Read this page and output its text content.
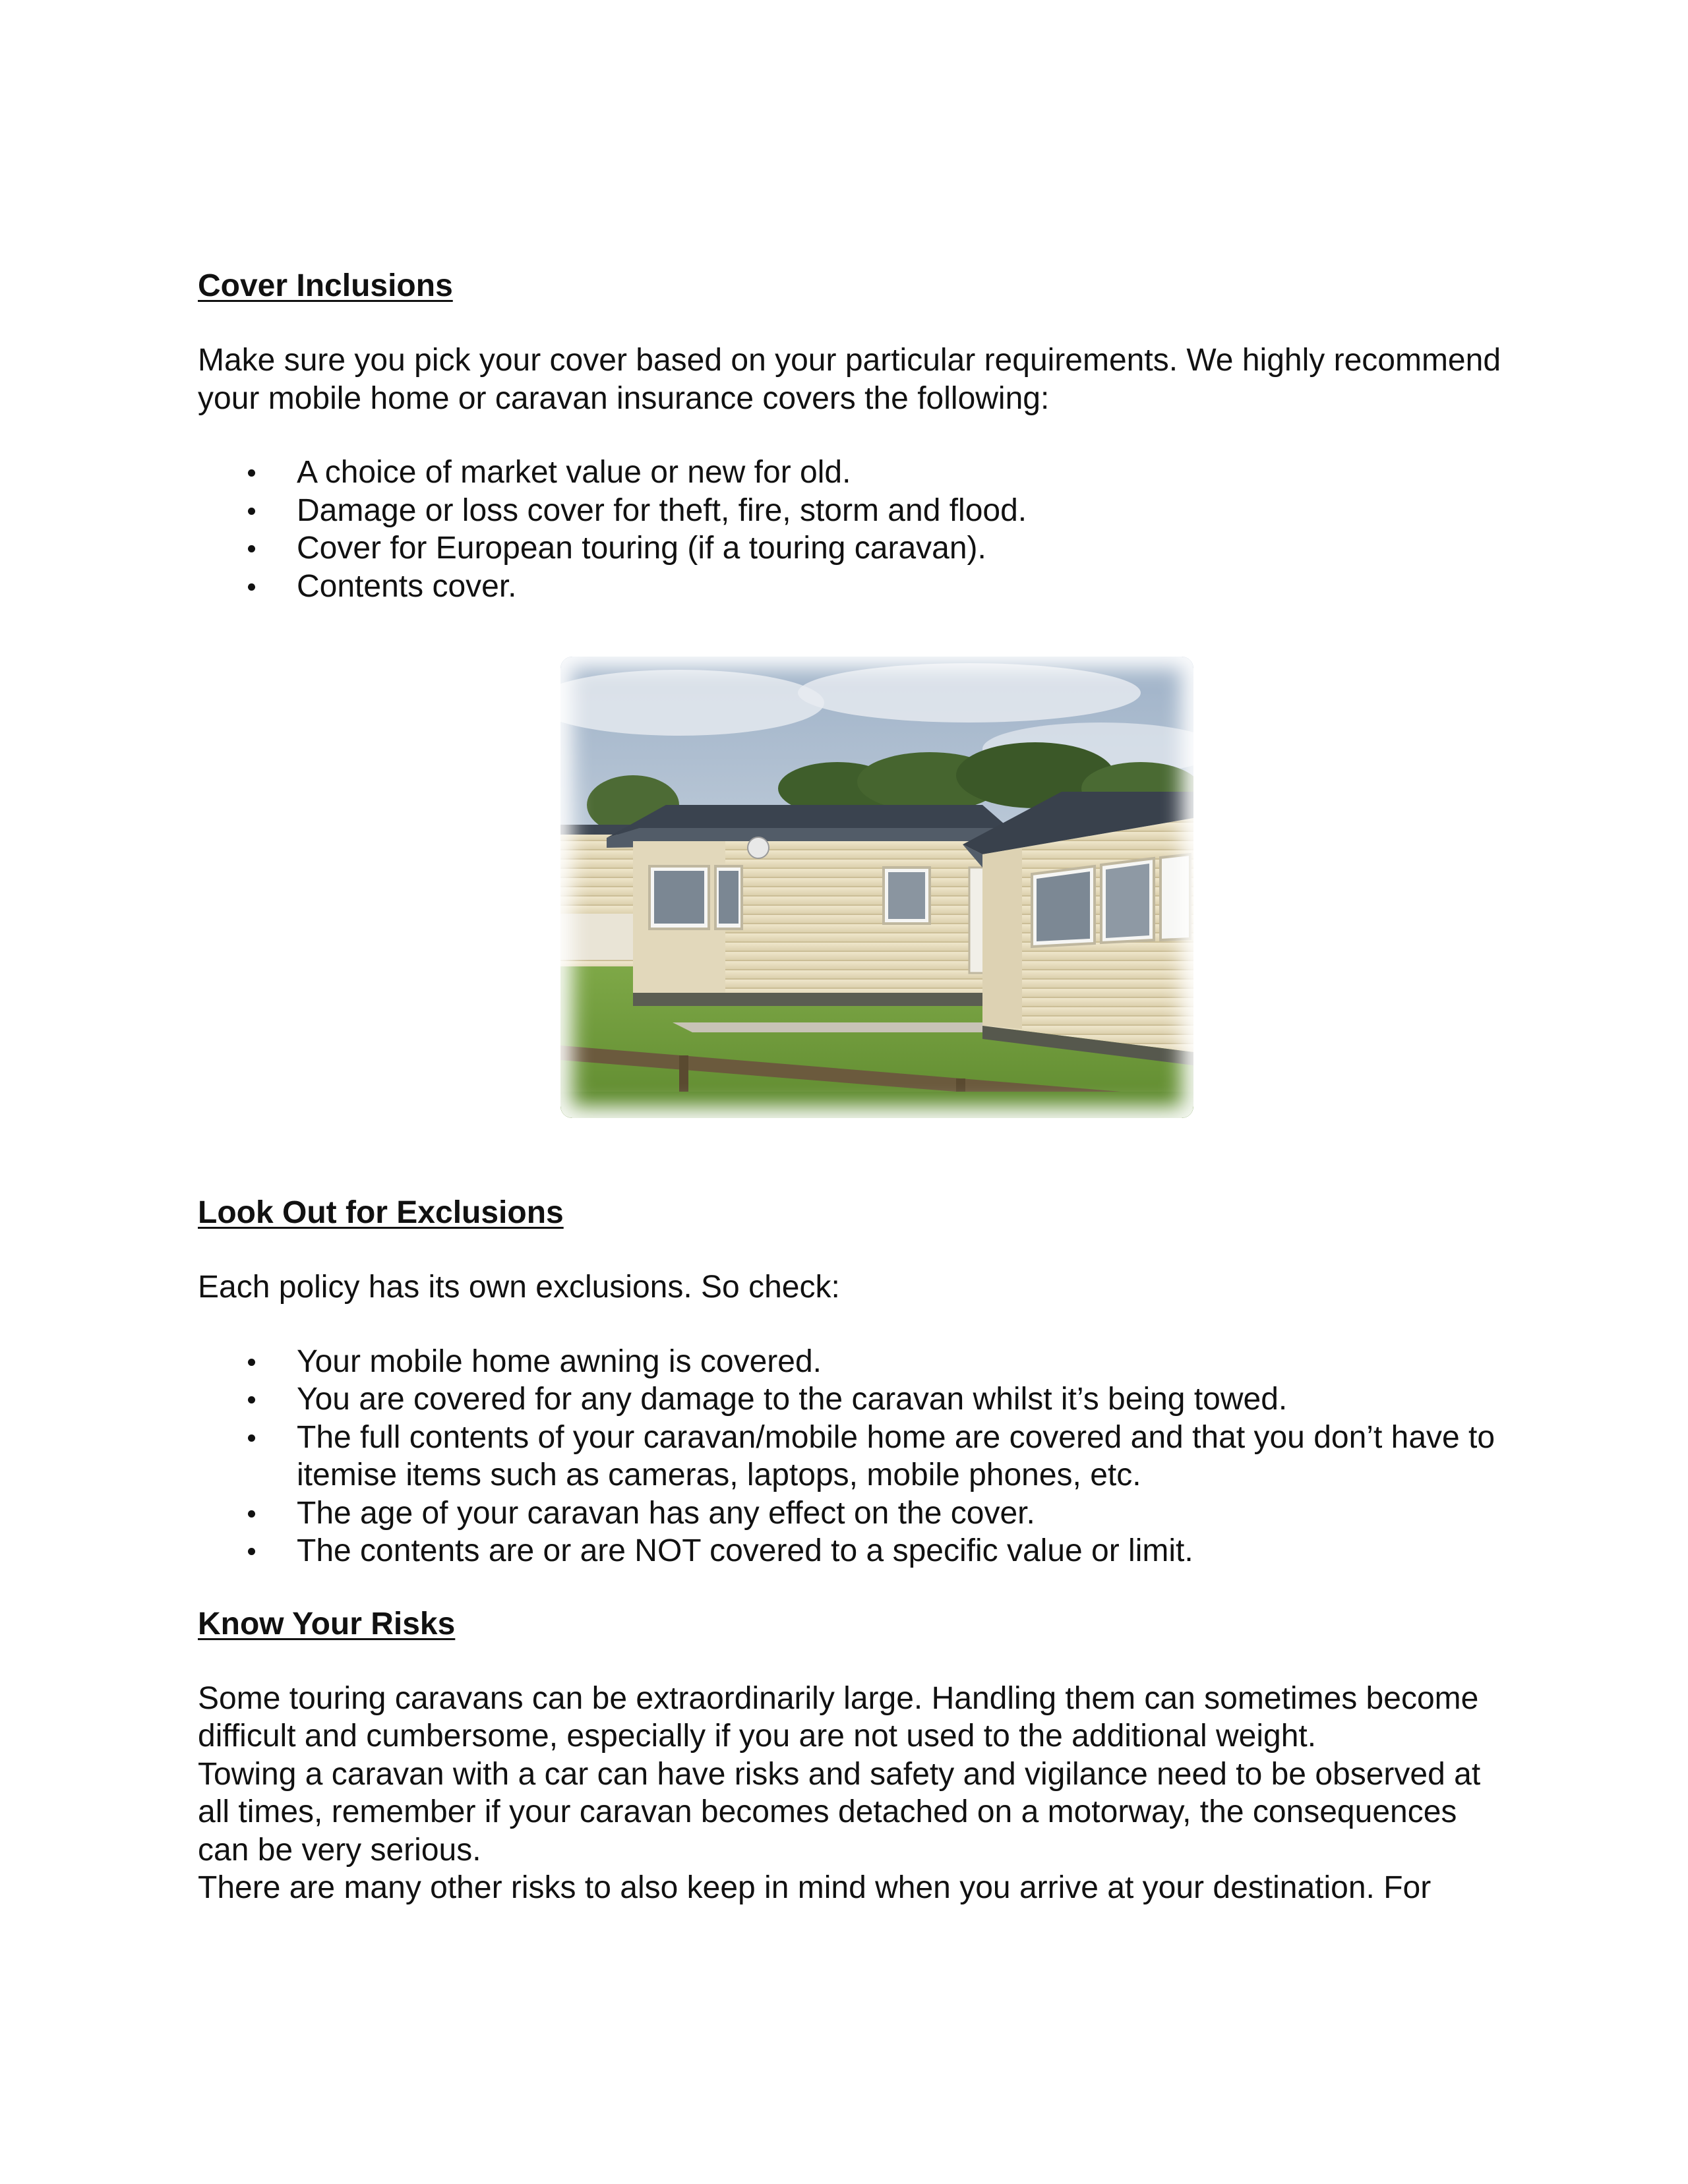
Cover Inclusions

Make sure you pick your cover based on your particular requirements. We highly recommend your mobile home or caravan insurance covers the following:

A choice of market value or new for old.
Damage or loss cover for theft, fire, storm and flood.
Cover for European touring (if a touring caravan).
Contents cover.
Look Out for Exclusions

Each policy has its own exclusions. So check:

Your mobile home awning is covered.
You are covered for any damage to the caravan whilst it’s being towed.
The full contents of your caravan/mobile home are covered and that you don’t have to itemise items such as cameras, laptops, mobile phones, etc.
The age of your caravan has any effect on the cover.
The contents are or are NOT covered to a specific value or limit.
Know Your Risks

Some touring caravans can be extraordinarily large. Handling them can sometimes become difficult and cumbersome, especially if you are not used to the additional weight.

Towing a caravan with a car can have risks and safety and vigilance need to be observed at all times, remember if your caravan becomes detached on a motorway, the consequences can be very serious.

There are many other risks to also keep in mind when you arrive at your destination. For
